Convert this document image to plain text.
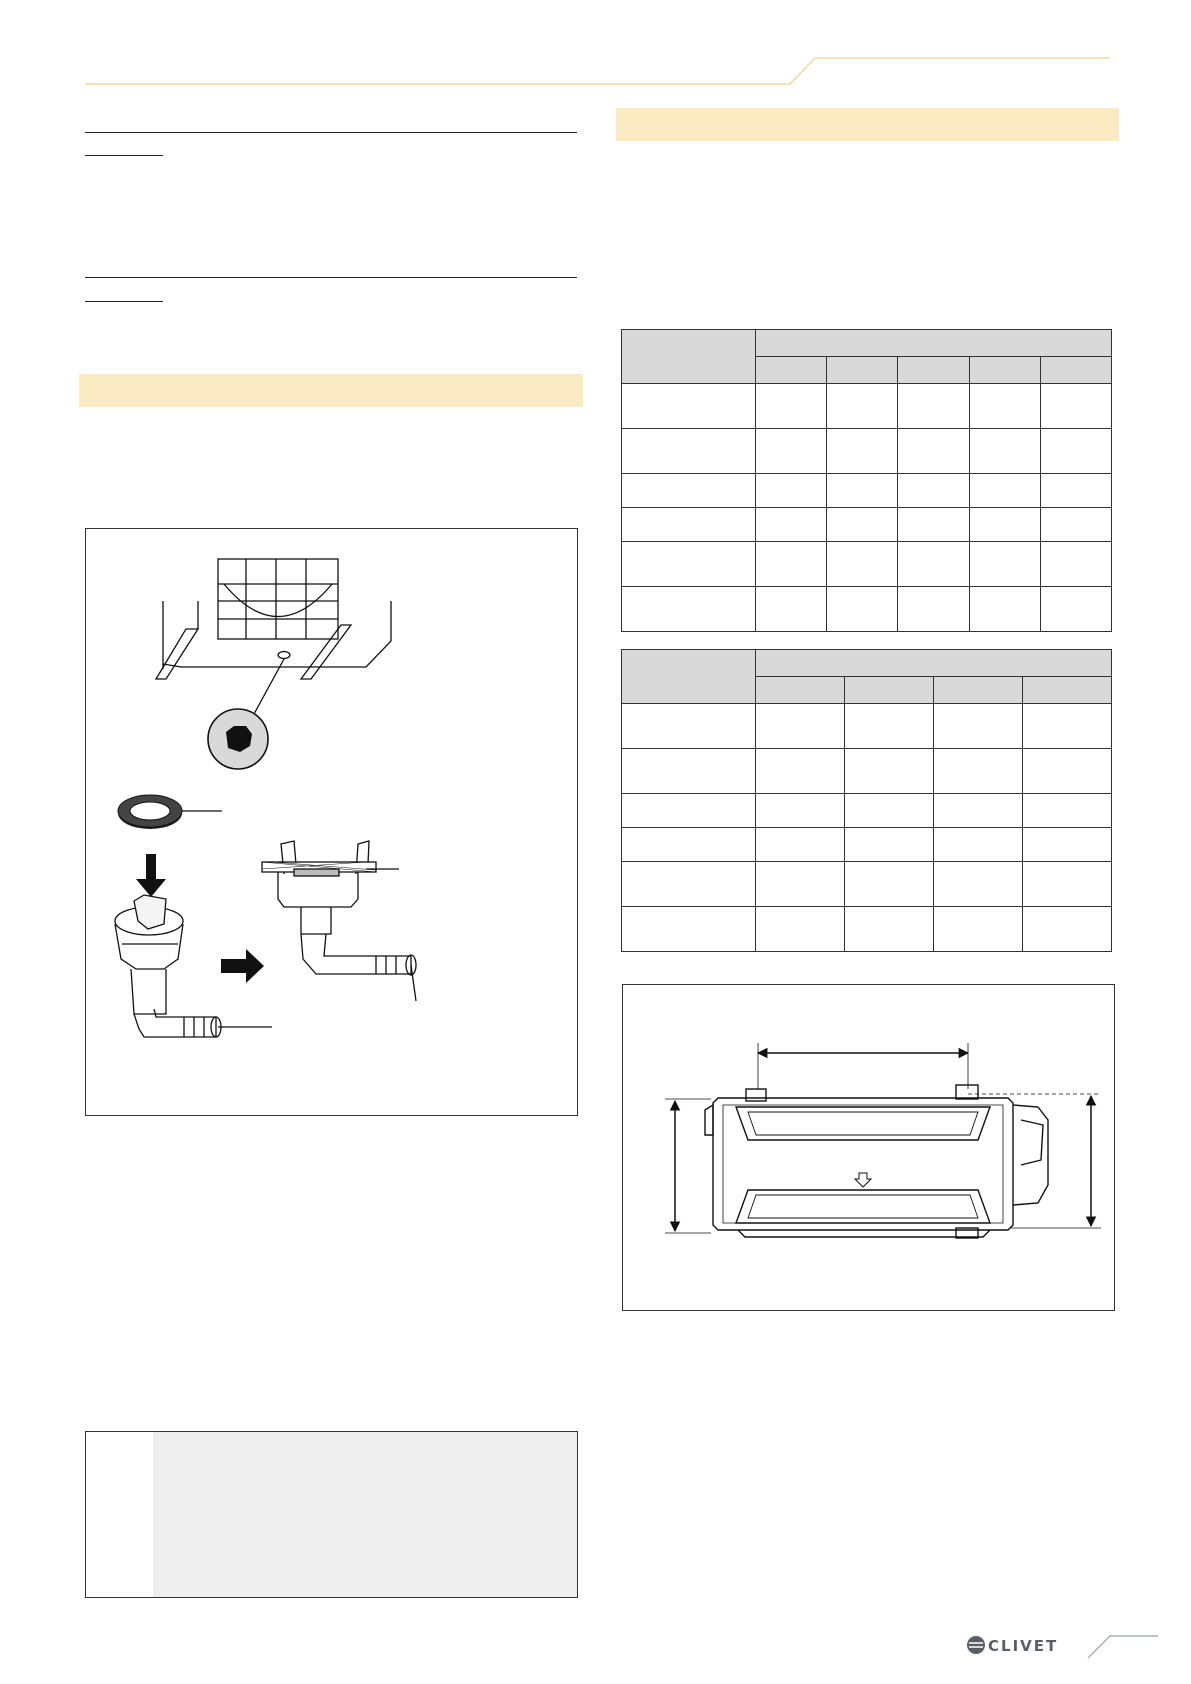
CLIVET
